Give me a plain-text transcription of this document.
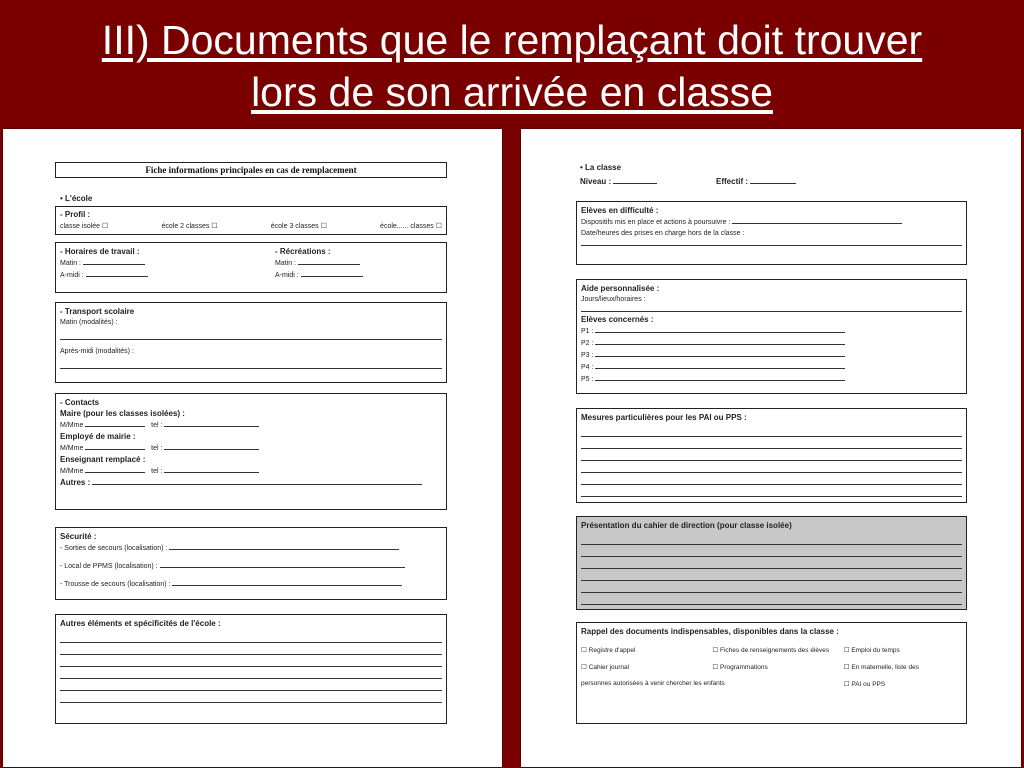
III) Documents que le remplaçant doit trouver
lors de son arrivée en classe
Fiche informations principales en cas de remplacement
• L'école
- Profil :
classe isolée ☐	école 2 classes ☐	école 3 classes ☐	école...... classes ☐
- Horaires de travail :
Matin :
A-midi :
- Récréations :
Matin :
A-midi :
- Transport scolaire
Matin (modalités) :
Après-midi (modalités) :
- Contacts
Maire (pour les classes isolées) :
M/Mme	tel :
Employé de mairie :
M/Mme	tel :
Enseignant remplacé :
M/Mme	tel :
Autres :
Sécurité :
- Sorties de secours (localisation) :
- Local de PPMS (localisation) :
- Trousse de secours (localisation) :
Autres éléments et spécificités de l'école :
• La classe
Niveau :	Effectif :
Elèves en difficulté :
Dispositifs mis en place et actions à poursuivre :
Date/heures des prises en charge hors de la classe :
Aide personnalisée :
Jours/lieux/horaires :
Elèves concernés :
P1 :
P2 :
P3 :
P4 :
P5 :
Mesures particulières pour les PAI ou PPS :
Présentation du cahier de direction (pour classe isolée)
Rappel des documents indispensables, disponibles dans la classe :
☐ Registre d'appel	☐ Fiches de renseignements des élèves	☐ Emploi du temps
☐ Cahier journal	☐ Programmations	☐ En maternelle, liste des
personnes autorisées à venir chercher les enfants	☐ PAI ou PPS
